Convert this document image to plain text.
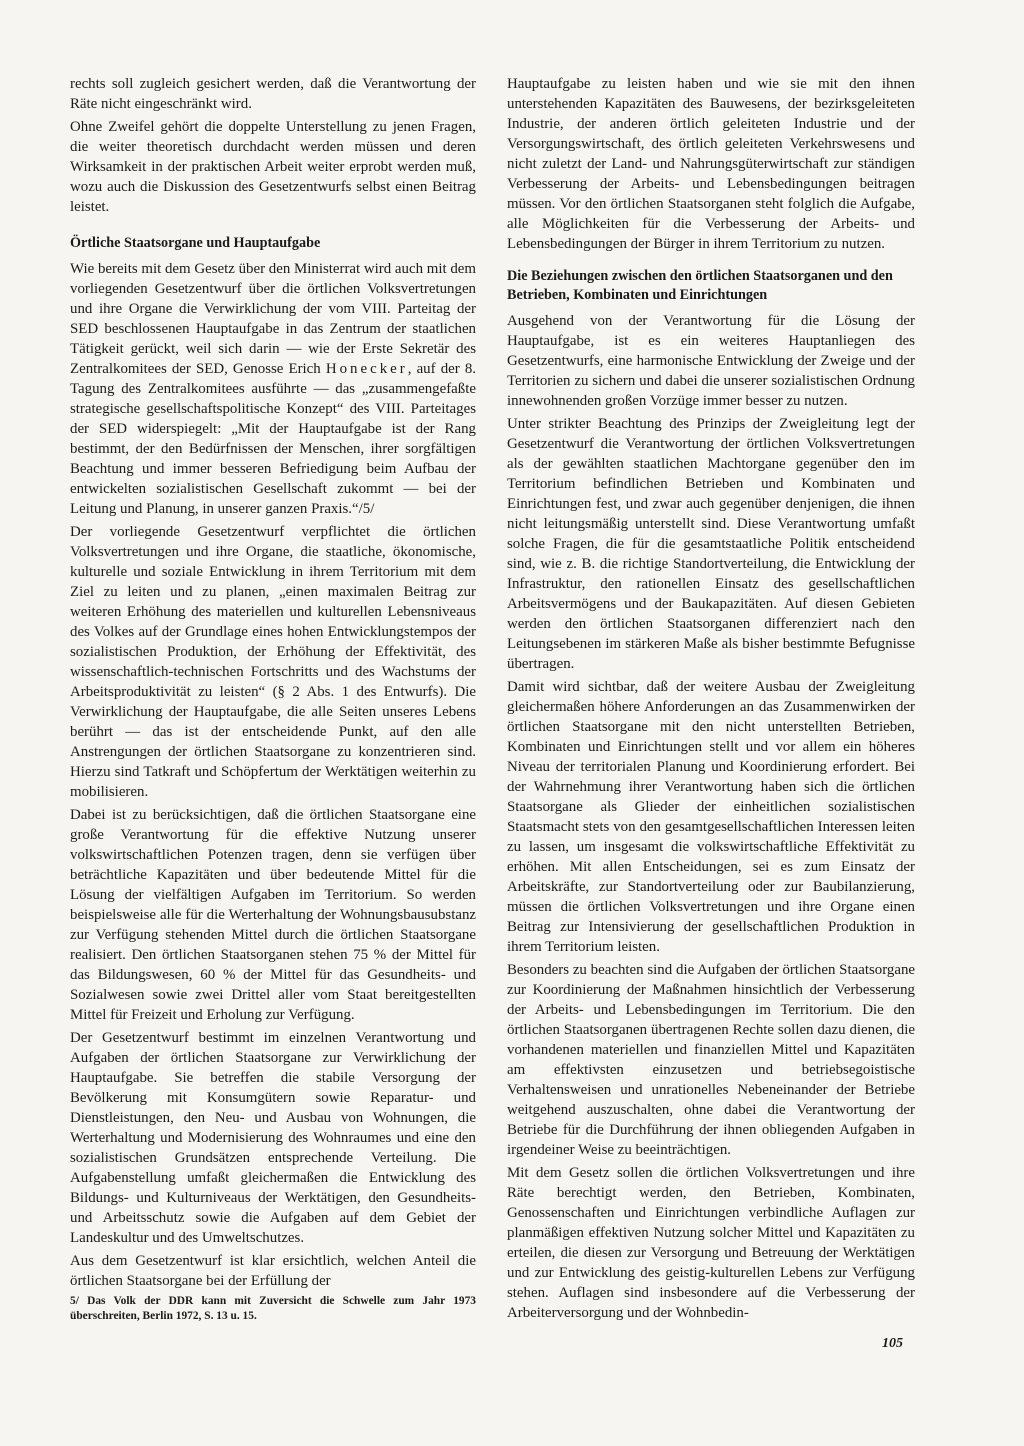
rechts soll zugleich gesichert werden, daß die Verantwortung der Räte nicht eingeschränkt wird.

Ohne Zweifel gehört die doppelte Unterstellung zu jenen Fragen, die weiter theoretisch durchdacht werden müssen und deren Wirksamkeit in der praktischen Arbeit weiter erprobt werden muß, wozu auch die Diskussion des Gesetzentwurfs selbst einen Beitrag leistet.

Örtliche Staatsorgane und Hauptaufgabe

Wie bereits mit dem Gesetz über den Ministerrat wird auch mit dem vorliegenden Gesetzentwurf über die örtlichen Volksvertretungen und ihre Organe die Verwirklichung der vom VIII. Parteitag der SED beschlossenen Hauptaufgabe in das Zentrum der staatlichen Tätigkeit gerückt, weil sich darin — wie der Erste Sekretär des Zentralkomitees der SED, Genosse Erich Honecker, auf der 8. Tagung des Zentralkomitees ausführte — das „zusammengefaßte strategische gesellschaftspolitische Konzept“ des VIII. Parteitages der SED widerspiegelt: „Mit der Hauptaufgabe ist der Rang bestimmt, der den Bedürfnissen der Menschen, ihrer sorgfältigen Beachtung und immer besseren Befriedigung beim Aufbau der entwickelten sozialistischen Gesellschaft zukommt — bei der Leitung und Planung, in unserer ganzen Praxis.“/5/

Der vorliegende Gesetzentwurf verpflichtet die örtlichen Volksvertretungen und ihre Organe, die staatliche, ökonomische, kulturelle und soziale Entwicklung in ihrem Territorium mit dem Ziel zu leiten und zu planen, „einen maximalen Beitrag zur weiteren Erhöhung des materiellen und kulturellen Lebensniveaus des Volkes auf der Grundlage eines hohen Entwicklungstempos der sozialistischen Produktion, der Erhöhung der Effektivität, des wissenschaftlich-technischen Fortschritts und des Wachstums der Arbeitsproduktivität zu leisten“ (§ 2 Abs. 1 des Entwurfs). Die Verwirklichung der Hauptaufgabe, die alle Seiten unseres Lebens berührt — das ist der entscheidende Punkt, auf den alle Anstrengungen der örtlichen Staatsorgane zu konzentrieren sind. Hierzu sind Tatkraft und Schöpfertum der Werktätigen weiterhin zu mobilisieren.

Dabei ist zu berücksichtigen, daß die örtlichen Staatsorgane eine große Verantwortung für die effektive Nutzung unserer volkswirtschaftlichen Potenzen tragen, denn sie verfügen über beträchtliche Kapazitäten und über bedeutende Mittel für die Lösung der vielfältigen Aufgaben im Territorium. So werden beispielsweise alle für die Werterhaltung der Wohnungsbausubstanz zur Verfügung stehenden Mittel durch die örtlichen Staatsorgane realisiert. Den örtlichen Staatsorganen stehen 75 % der Mittel für das Bildungswesen, 60 % der Mittel für das Gesundheits- und Sozialwesen sowie zwei Drittel aller vom Staat bereitgestellten Mittel für Freizeit und Erholung zur Verfügung.

Der Gesetzentwurf bestimmt im einzelnen Verantwortung und Aufgaben der örtlichen Staatsorgane zur Verwirklichung der Hauptaufgabe. Sie betreffen die stabile Versorgung der Bevölkerung mit Konsumgütern sowie Reparatur- und Dienstleistungen, den Neu- und Ausbau von Wohnungen, die Werterhaltung und Modernisierung des Wohnraumes und eine den sozialistischen Grundsätzen entsprechende Verteilung. Die Aufgabenstellung umfaßt gleichermaßen die Entwicklung des Bildungs- und Kulturniveaus der Werktätigen, den Gesundheits- und Arbeitsschutz sowie die Aufgaben auf dem Gebiet der Landeskultur und des Umweltschutzes.

Aus dem Gesetzentwurf ist klar ersichtlich, welchen Anteil die örtlichen Staatsorgane bei der Erfüllung der

5/ Das Volk der DDR kann mit Zuversicht die Schwelle zum Jahr 1973 überschreiten, Berlin 1972, S. 13 u. 15.

Hauptaufgabe zu leisten haben und wie sie mit den ihnen unterstehenden Kapazitäten des Bauwesens, der bezirksgeleiteten Industrie, der anderen örtlich geleiteten Industrie und der Versorgungswirtschaft, des örtlich geleiteten Verkehrswesens und nicht zuletzt der Land- und Nahrungsgüterwirtschaft zur ständigen Verbesserung der Arbeits- und Lebensbedingungen beitragen müssen. Vor den örtlichen Staatsorganen steht folglich die Aufgabe, alle Möglichkeiten für die Verbesserung der Arbeits- und Lebensbedingungen der Bürger in ihrem Territorium zu nutzen.

Die Beziehungen zwischen den örtlichen Staatsorganen und den Betrieben, Kombinaten und Einrichtungen

Ausgehend von der Verantwortung für die Lösung der Hauptaufgabe, ist es ein weiteres Hauptanliegen des Gesetzentwurfs, eine harmonische Entwicklung der Zweige und der Territorien zu sichern und dabei die unserer sozialistischen Ordnung innewohnenden großen Vorzüge immer besser zu nutzen.

Unter strikter Beachtung des Prinzips der Zweigleitung legt der Gesetzentwurf die Verantwortung der örtlichen Volksvertretungen als der gewählten staatlichen Machtorgane gegenüber den im Territorium befindlichen Betrieben und Kombinaten und Einrichtungen fest, und zwar auch gegenüber denjenigen, die ihnen nicht leitungsmäßig unterstellt sind. Diese Verantwortung umfaßt solche Fragen, die für die gesamtstaatliche Politik entscheidend sind, wie z. B. die richtige Standortverteilung, die Entwicklung der Infrastruktur, den rationellen Einsatz des gesellschaftlichen Arbeitsvermögens und der Baukapazitäten. Auf diesen Gebieten werden den örtlichen Staatsorganen differenziert nach den Leitungsebenen im stärkeren Maße als bisher bestimmte Befugnisse übertragen.

Damit wird sichtbar, daß der weitere Ausbau der Zweigleitung gleichermaßen höhere Anforderungen an das Zusammenwirken der örtlichen Staatsorgane mit den nicht unterstellten Betrieben, Kombinaten und Einrichtungen stellt und vor allem ein höheres Niveau der territorialen Planung und Koordinierung erfordert. Bei der Wahrnehmung ihrer Verantwortung haben sich die örtlichen Staatsorgane als Glieder der einheitlichen sozialistischen Staatsmacht stets von den gesamtgesellschaftlichen Interessen leiten zu lassen, um insgesamt die volkswirtschaftliche Effektivität zu erhöhen. Mit allen Entscheidungen, sei es zum Einsatz der Arbeitskräfte, zur Standortverteilung oder zur Baubilanzierung, müssen die örtlichen Volksvertretungen und ihre Organe einen Beitrag zur Intensivierung der gesellschaftlichen Produktion in ihrem Territorium leisten.

Besonders zu beachten sind die Aufgaben der örtlichen Staatsorgane zur Koordinierung der Maßnahmen hinsichtlich der Verbesserung der Arbeits- und Lebensbedingungen im Territorium. Die den örtlichen Staatsorganen übertragenen Rechte sollen dazu dienen, die vorhandenen materiellen und finanziellen Mittel und Kapazitäten am effektivsten einzusetzen und betriebsegoistische Verhaltensweisen und unrationelles Nebeneinander der Betriebe weitgehend auszuschalten, ohne dabei die Verantwortung der Betriebe für die Durchführung der ihnen obliegenden Aufgaben in irgendeiner Weise zu beeinträchtigen.

Mit dem Gesetz sollen die örtlichen Volksvertretungen und ihre Räte berechtigt werden, den Betrieben, Kombinaten, Genossenschaften und Einrichtungen verbindliche Auflagen zur planmäßigen effektiven Nutzung solcher Mittel und Kapazitäten zu erteilen, die diesen zur Versorgung und Betreuung der Werktätigen und zur Entwicklung des geistig-kulturellen Lebens zur Verfügung stehen. Auflagen sind insbesondere auf die Verbesserung der Arbeiterversorgung und der Wohnbedin-

105
